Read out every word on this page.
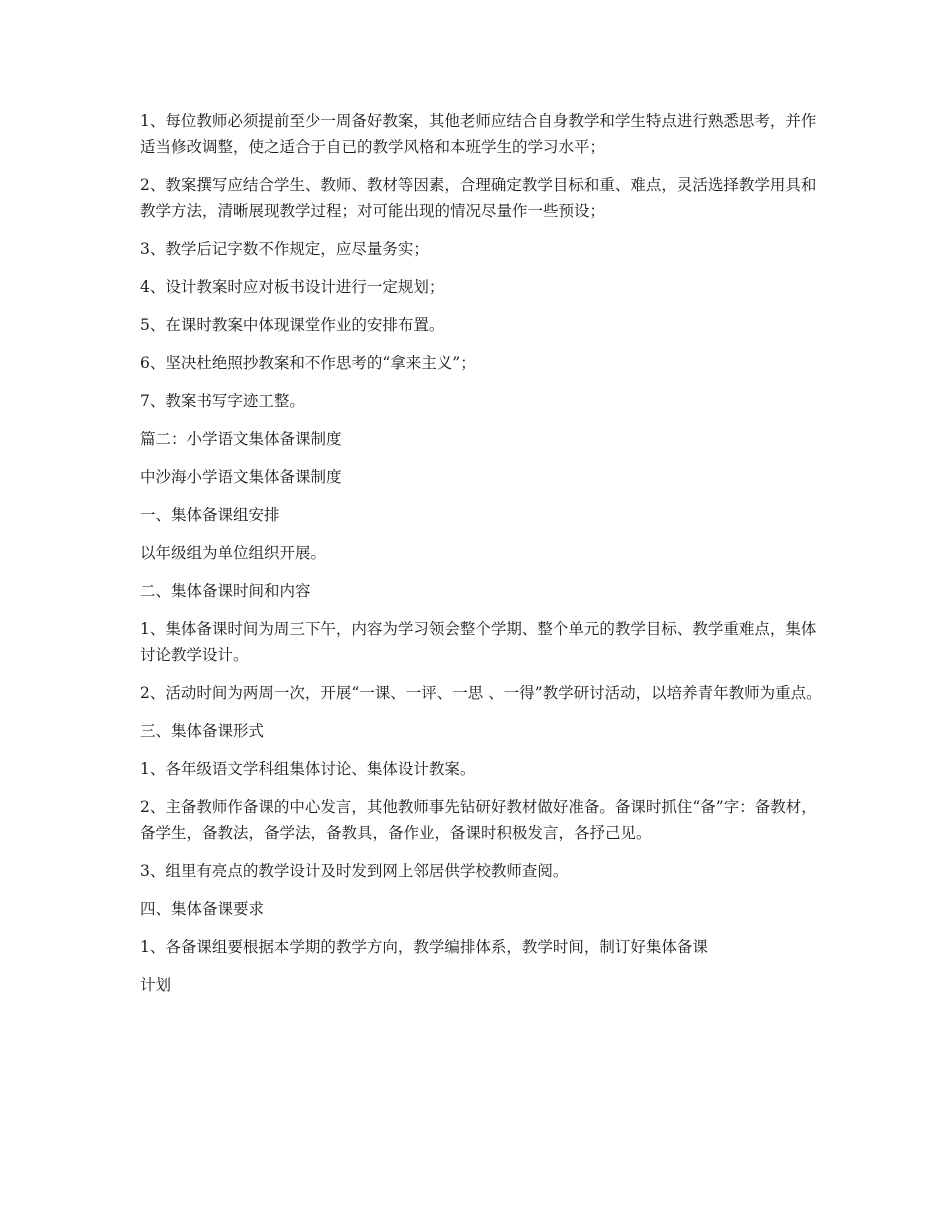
1、每位教师必须提前至少一周备好教案，其他老师应结合自身教学和学生特点进行熟悉思考，并作适当修改调整，使之适合于自已的教学风格和本班学生的学习水平；

2、教案撰写应结合学生、教师、教材等因素，合理确定教学目标和重、难点，灵活选择教学用具和教学方法，清晰展现教学过程；对可能出现的情况尽量作一些预设；

3、教学后记字数不作规定，应尽量务实；

4、设计教案时应对板书设计进行一定规划；

5、在课时教案中体现课堂作业的安排布置。

6、坚决杜绝照抄教案和不作思考的“拿来主义”；

7、教案书写字迹工整。

篇二：小学语文集体备课制度

中沙海小学语文集体备课制度

一、集体备课组安排

以年级组为单位组织开展。

二、集体备课时间和内容

1、集体备课时间为周三下午，内容为学习领会整个学期、整个单元的教学目标、教学重难点，集体讨论教学设计。

2、活动时间为两周一次，开展“一课、一评、一思 、一得”教学研讨活动，以培养青年教师为重点。

三、集体备课形式

1、各年级语文学科组集体讨论、集体设计教案。

2、主备教师作备课的中心发言，其他教师事先钻研好教材做好准备。备课时抓住“备”字：备教材，备学生，备教法，备学法，备教具，备作业，备课时积极发言，各抒己见。

3、组里有亮点的教学设计及时发到网上邻居供学校教师查阅。

四、集体备课要求

1、各备课组要根据本学期的教学方向，教学编排体系，教学时间，制订好集体备课

计划
